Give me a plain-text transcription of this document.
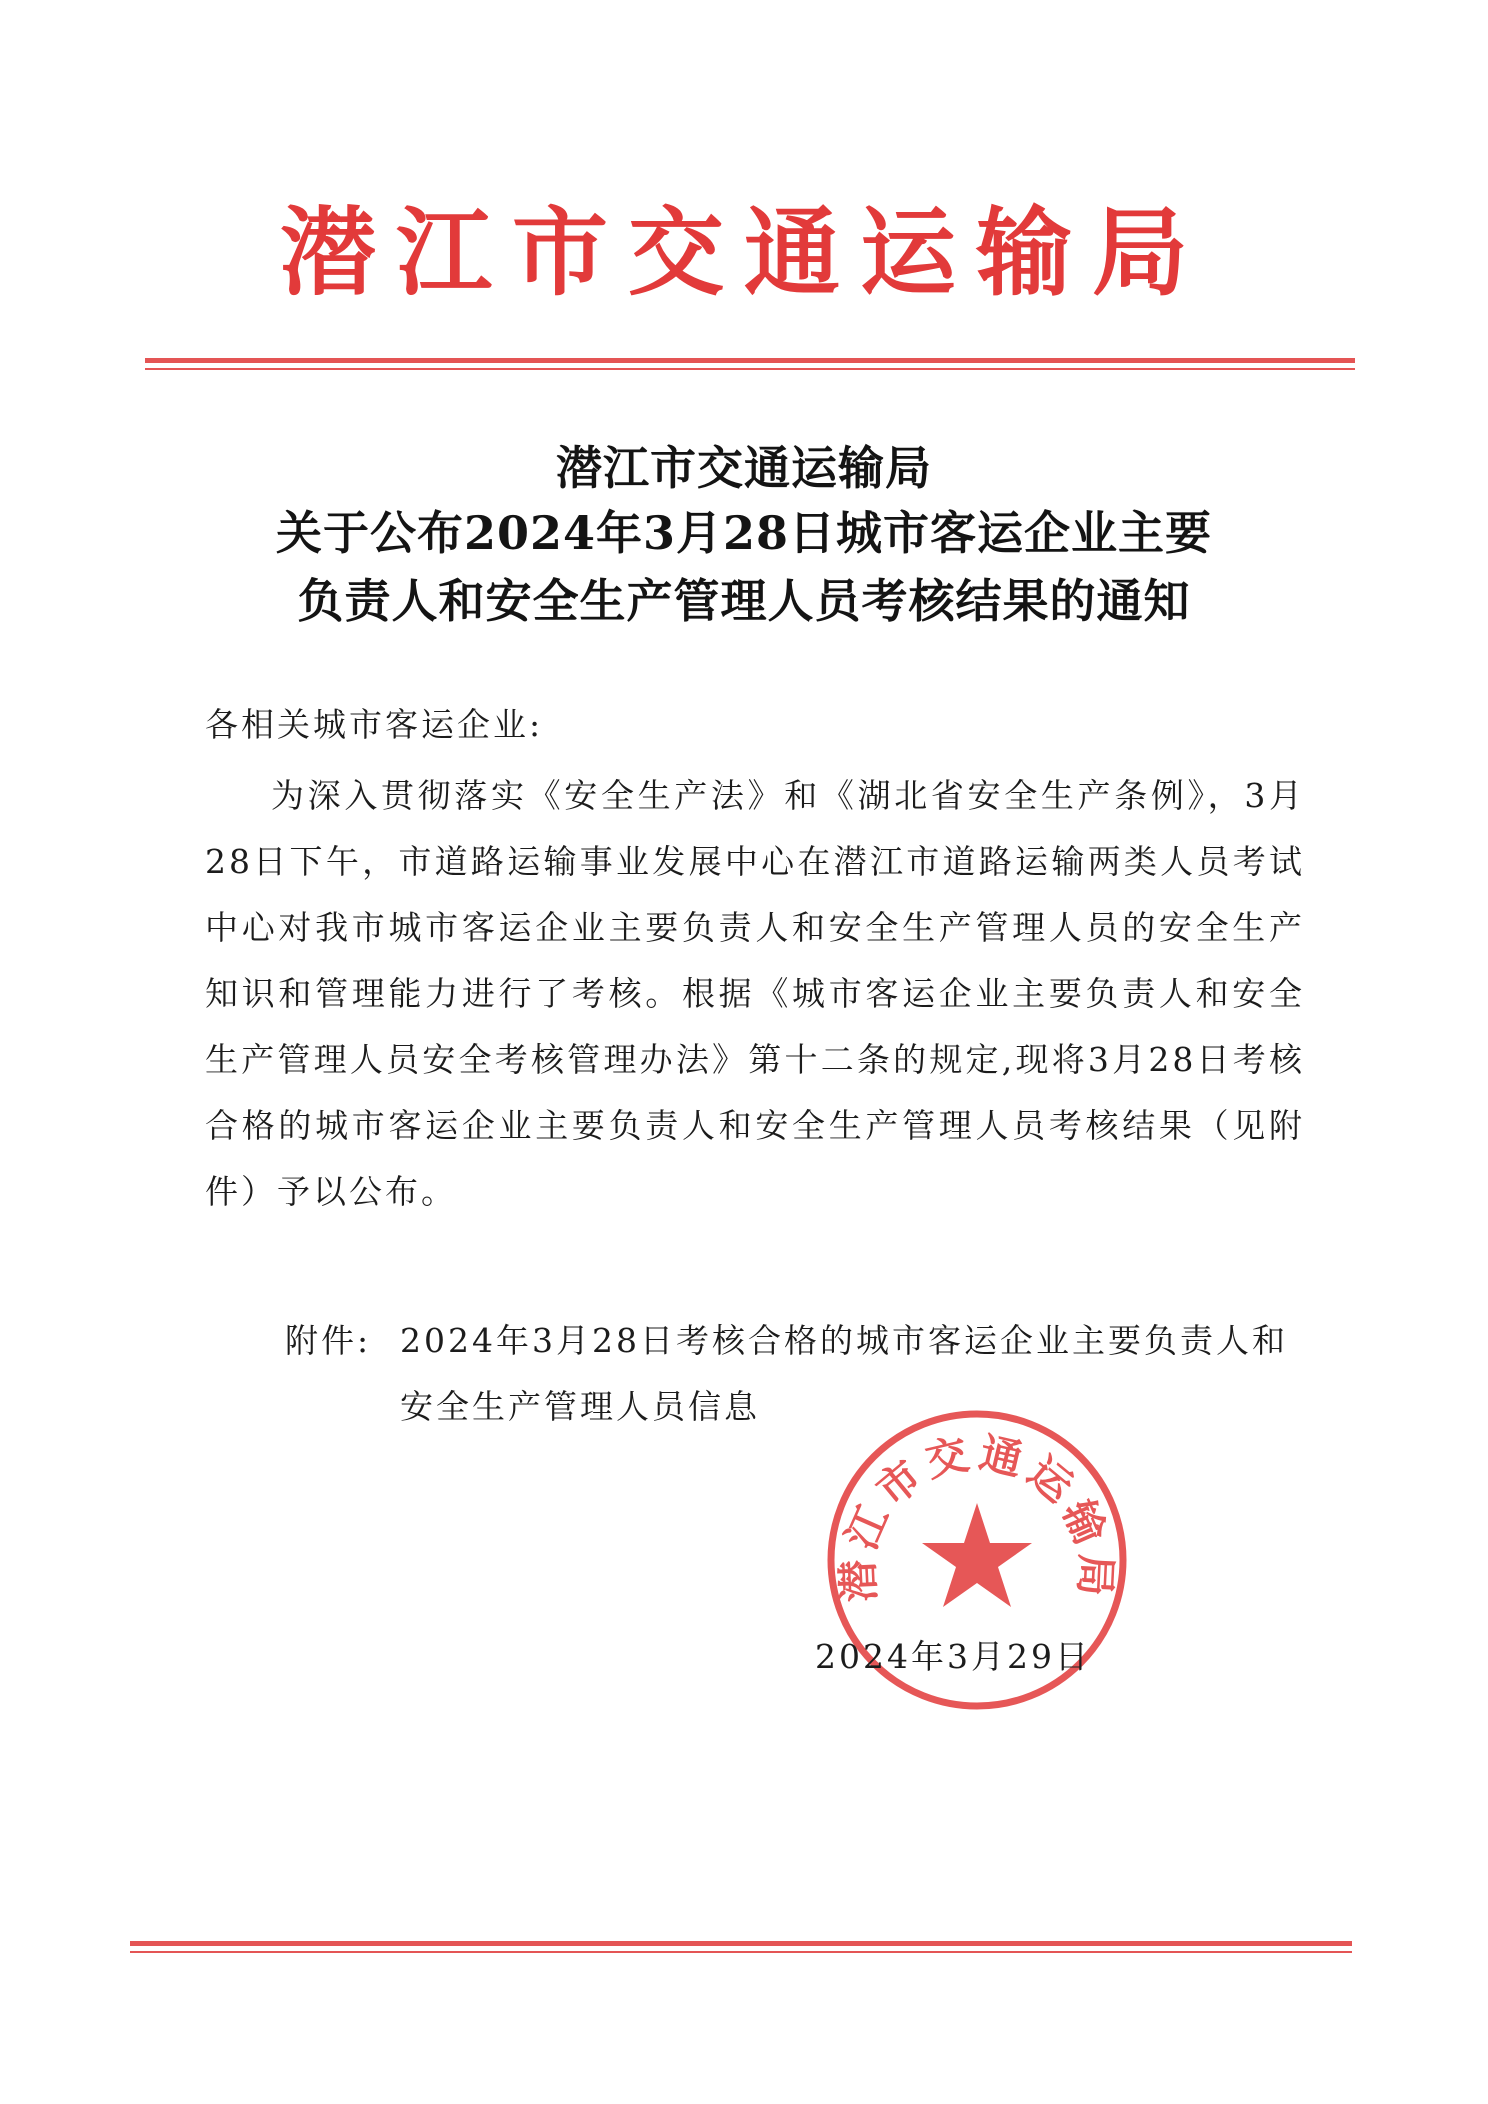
潜江市交通运输局
潜江市交通运输局
关于公布2024年3月28日城市客运企业主要
负责人和安全生产管理人员考核结果的通知
各相关城市客运企业:
为深入贯彻落实《安全生产法》和《湖北省安全生产条例》，3月28日下午，市道路运输事业发展中心在潜江市道路运输两类人员考试中心对我市城市客运企业主要负责人和安全生产管理人员的安全生产知识和管理能力进行了考核。根据《城市客运企业主要负责人和安全生产管理人员安全考核管理办法》第十二条的规定,现将3月28日考核合格的城市客运企业主要负责人和安全生产管理人员考核结果（见附件）予以公布。
附件: 2024年3月28日考核合格的城市客运企业主要负责人和安全生产管理人员信息
潜江市交通运输局
2024年3月29日
